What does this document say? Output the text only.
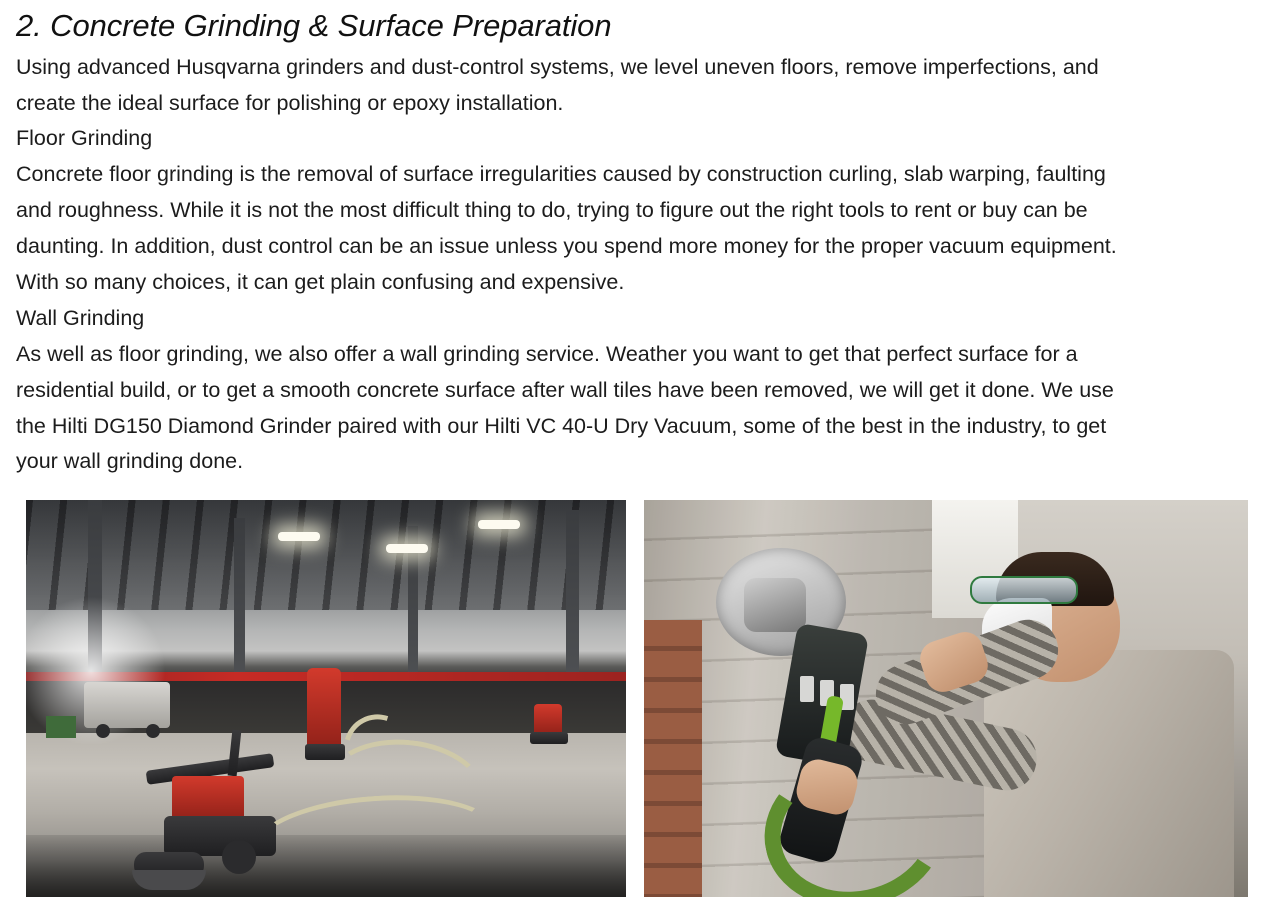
2. Concrete Grinding & Surface Preparation

Using advanced Husqvarna grinders and dust-control systems, we level uneven floors, remove imperfections, and create the ideal surface for polishing or epoxy installation.

Floor Grinding

Concrete floor grinding is the removal of surface irregularities caused by construction curling, slab warping, faulting and roughness. While it is not the most difficult thing to do, trying to figure out the right tools to rent or buy can be daunting. In addition, dust control can be an issue unless you spend more money for the proper vacuum equipment. With so many choices, it can get plain confusing and expensive.

Wall Grinding

As well as floor grinding, we also offer a wall grinding service. Weather you want to get that perfect surface for a residential build, or to get a smooth concrete surface after wall tiles have been removed, we will get it done. We use the Hilti DG150 Diamond Grinder paired with our Hilti VC 40-U Dry Vacuum, some of the best in the industry, to get your wall grinding done.
